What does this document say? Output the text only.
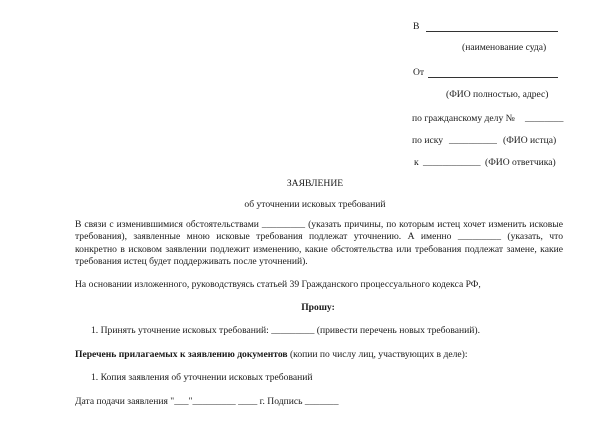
В
(наименование суда)
От
(ФИО полностью, адрес)
по гражданскому делу № ________
по иску __________ (ФИО истца)
к ____________ (ФИО ответчика)
ЗАЯВЛЕНИЕ
об уточнении исковых требований
В связи с изменившимися обстоятельствами _________ (указать причины, по которым истец хочет изменить исковые требования), заявленные мною исковые требования подлежат уточнению. А именно _________ (указать, что конкретно в исковом заявлении подлежит изменению, какие обстоятельства или требования подлежат замене, какие требования истец будет поддерживать после уточнений).
На основании изложенного, руководствуясь статьей 39 Гражданского процессуального кодекса РФ,
Прошу:
1. Принять уточнение исковых требований: _________ (привести перечень новых требований).
Перечень прилагаемых к заявлению документов (копии по числу лиц, участвующих в деле):
1. Копия заявления об уточнении исковых требований
Дата подачи заявления "___"_________ ____ г. Подпись _______
